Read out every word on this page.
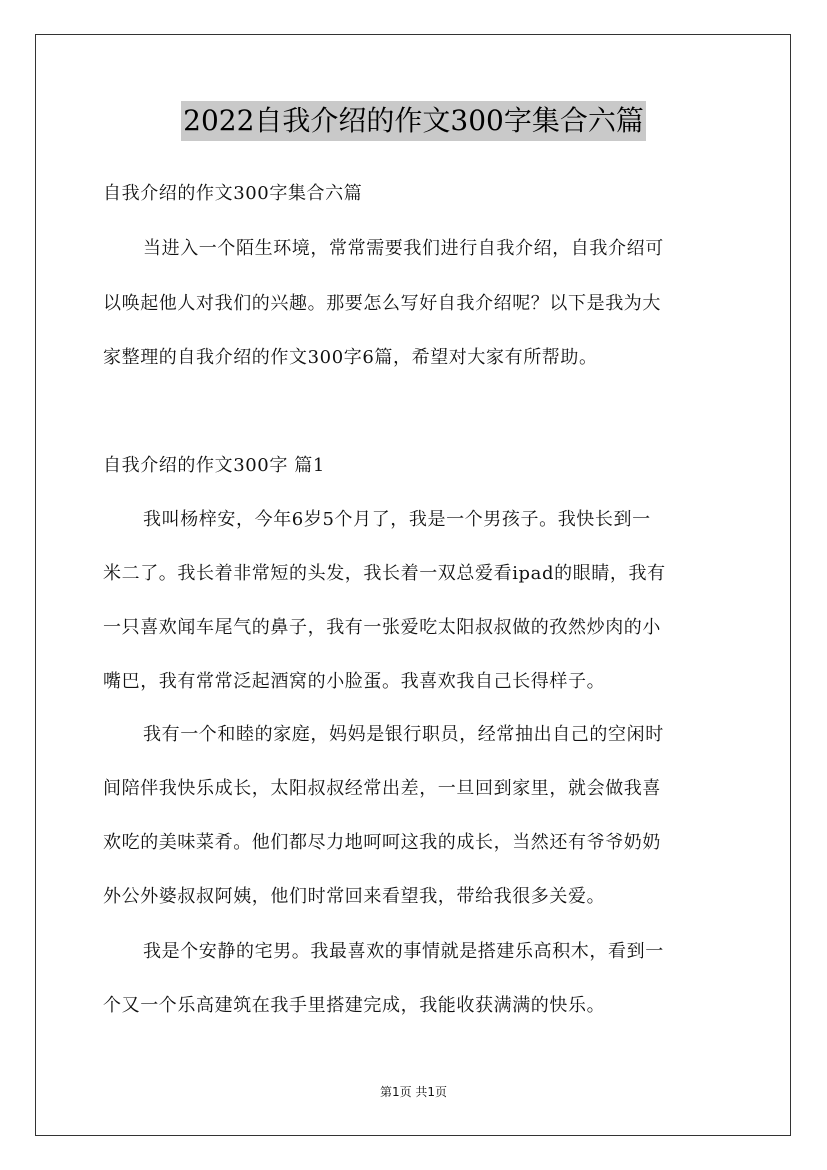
2022自我介绍的作文300字集合六篇
自我介绍的作文300字集合六篇
当进入一个陌生环境，常常需要我们进行自我介绍，自我介绍可
以唤起他人对我们的兴趣。那要怎么写好自我介绍呢？以下是我为大
家整理的自我介绍的作文300字6篇，希望对大家有所帮助。
自我介绍的作文300字 篇1
我叫杨梓安，今年6岁5个月了，我是一个男孩子。我快长到一
米二了。我长着非常短的头发，我长着一双总爱看ipad的眼睛，我有
一只喜欢闻车尾气的鼻子，我有一张爱吃太阳叔叔做的孜然炒肉的小
嘴巴，我有常常泛起酒窝的小脸蛋。我喜欢我自己长得样子。
我有一个和睦的家庭，妈妈是银行职员，经常抽出自己的空闲时
间陪伴我快乐成长，太阳叔叔经常出差，一旦回到家里，就会做我喜
欢吃的美味菜肴。他们都尽力地呵呵这我的成长，当然还有爷爷奶奶
外公外婆叔叔阿姨，他们时常回来看望我，带给我很多关爱。
我是个安静的宅男。我最喜欢的事情就是搭建乐高积木，看到一
个又一个乐高建筑在我手里搭建完成，我能收获满满的快乐。
第1页 共1页
